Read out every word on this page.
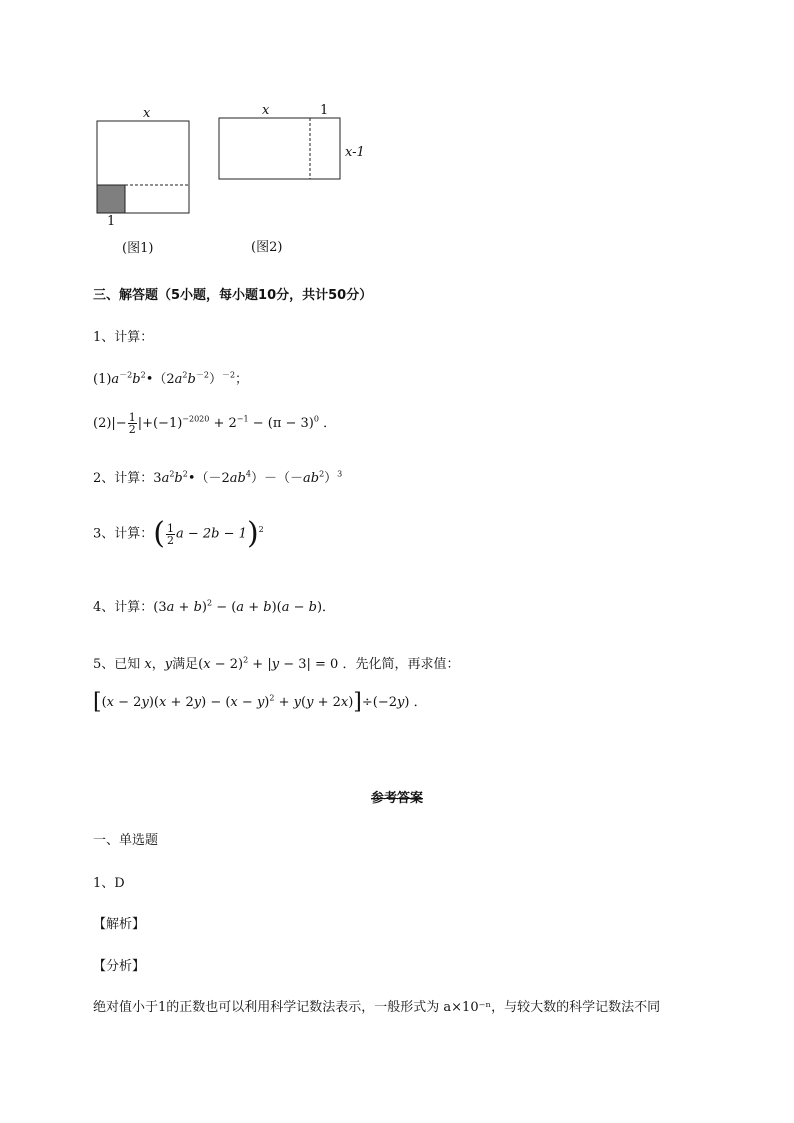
x
1
(图1)
x	1
x-1
(图2)
三、解答题（5小题，每小题10分，共计50分）
1、计算：
$(1)a^{-2}b^2•(2a^2b^{-2})^{-2}$；
$(2)|- \frac{1}{2} |+(-1)^{-2020} + 2^{-1} - (\pi - 3)^0$ ．
2、计算：$3a^2b^2•(-2ab^4)-(-ab^2)^3$
3、计算：( $\frac{1}{2}$ a − 2b − 1)$^2$
4、计算：$(3a + b)^2 - (a + b)(a - b)$．
5、已知 x，y满足$(x - 2)^2 + |y - 3| = 0$ ．先化简，再求值：
$[(x - 2y)(x + 2y) - (x - y)^2 + y(y + 2x)]\div(-2y)$ ．
参考答案
一、单选题
1、D
【解析】
【分析】
绝对值小于1的正数也可以利用科学记数法表示，一般形式为 a×10⁻ⁿ，与较大数的科学记数法不同
